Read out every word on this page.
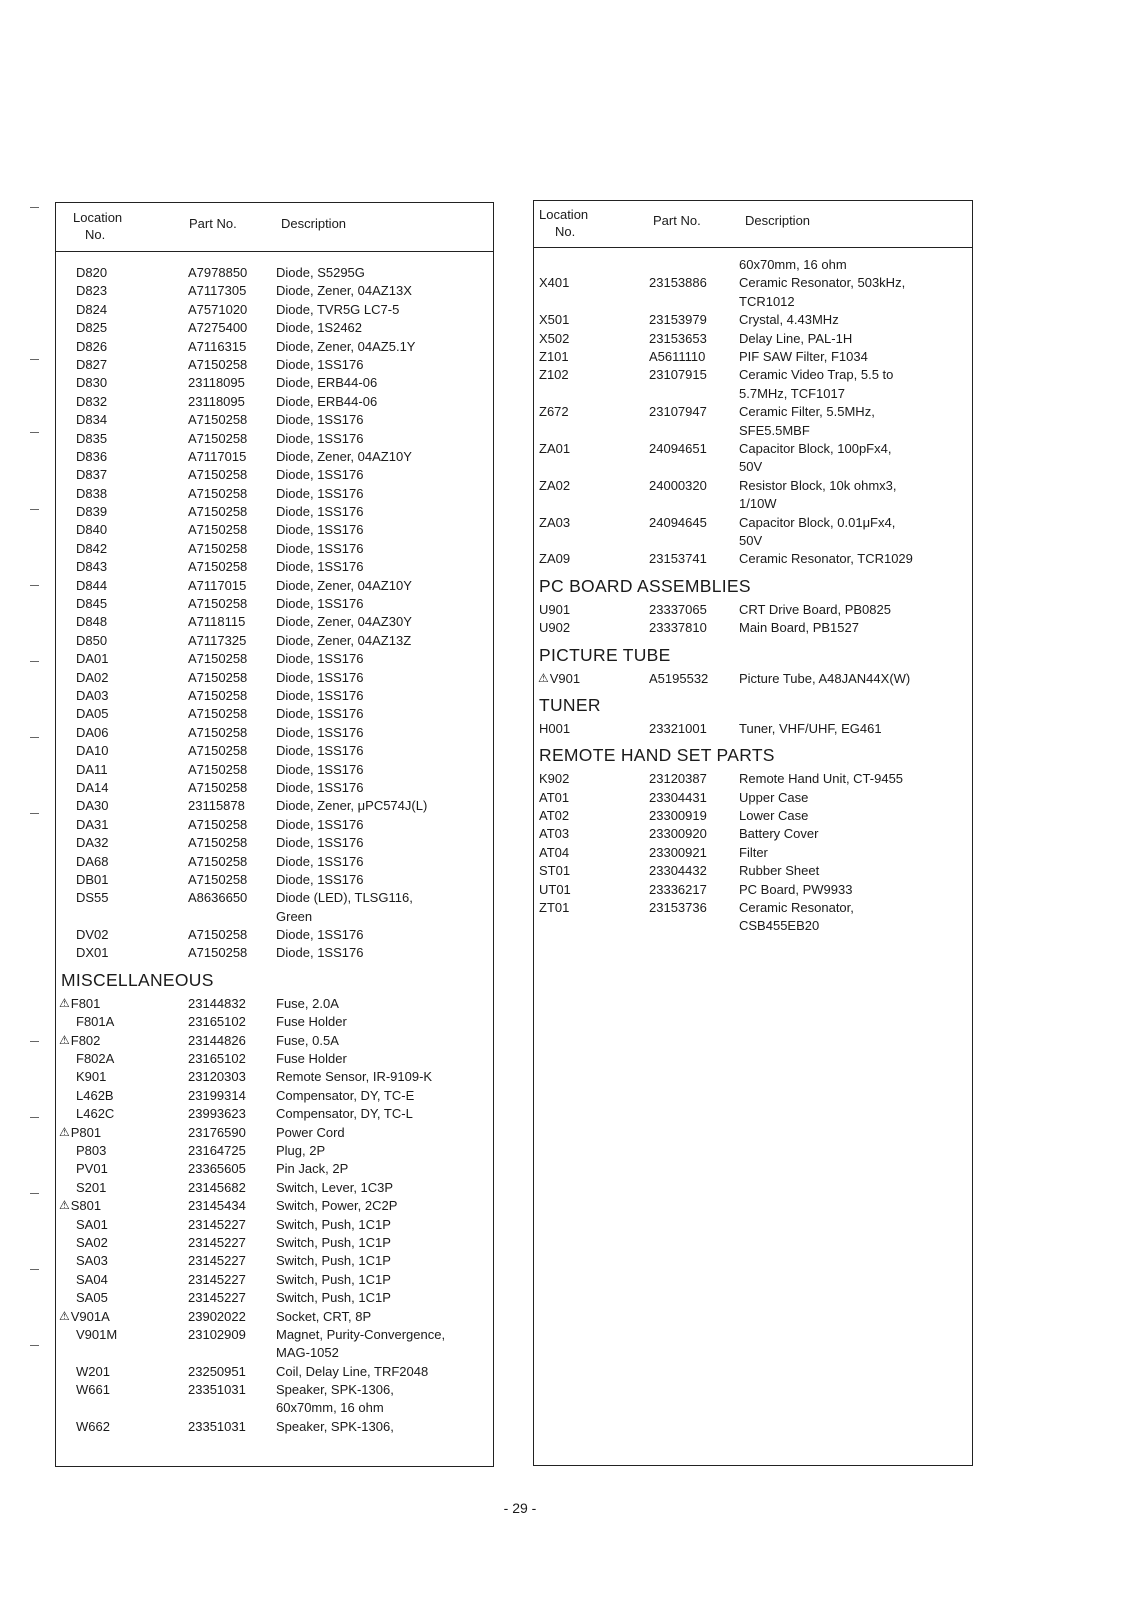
Location
No.
Part No.	Description
D820	A7978850 Diode, S5295G
D823	A7117305 Diode, Zener, 04AZ13X
D824	A7571020 Diode, TVR5G LC7-5
D825	A7275400 Diode, 1S2462
D826	A7116315 Diode, Zener, 04AZ5.1Y
D827	A7150258 Diode, 1SS176
D830	23118095 Diode, ERB44-06
D832	23118095 Diode, ERB44-06
D834	A7150258 Diode, 1SS176
D835	A7150258 Diode, 1SS176
D836	A7117015 Diode, Zener, 04AZ10Y
D837	A7150258 Diode, 1SS176
D838	A7150258 Diode, 1SS176
D839	A7150258 Diode, 1SS176
D840	A7150258 Diode, 1SS176
D842	A7150258 Diode, 1SS176
D843	A7150258 Diode, 1SS176
D844	A7117015 Diode, Zener, 04AZ10Y
D845	A7150258 Diode, 1SS176
D848	A7118115 Diode, Zener, 04AZ30Y
D850	A7117325 Diode, Zener, 04AZ13Z
DA01	A7150258 Diode, 1SS176
DA02	A7150258 Diode, 1SS176
DA03	A7150258 Diode, 1SS176
DA05	A7150258 Diode, 1SS176
DA06	A7150258 Diode, 1SS176
DA10	A7150258 Diode, 1SS176
DA11	A7150258 Diode, 1SS176
DA14	A7150258 Diode, 1SS176
DA30	23115878 Diode, Zener, μPC574J(L)
DA31	A7150258 Diode, 1SS176
DA32	A7150258 Diode, 1SS176
DA68	A7150258 Diode, 1SS176
DB01	A7150258 Diode, 1SS176
DS55	A8636650 Diode (LED), TLSG116,
Green
DV02	A7150258 Diode, 1SS176
DX01	A7150258 Diode, 1SS176
MISCELLANEOUS
⚠F801	23144832 Fuse, 2.0A
F801A	23165102 Fuse Holder
⚠F802	23144826 Fuse, 0.5A
F802A	23165102 Fuse Holder
K901	23120303 Remote Sensor, IR-9109-K
L462B	23199314 Compensator, DY, TC-E
L462C	23993623 Compensator, DY, TC-L
⚠P801	23176590 Power Cord
P803	23164725 Plug, 2P
PV01	23365605 Pin Jack, 2P
S201	23145682 Switch, Lever, 1C3P
⚠S801	23145434 Switch, Power, 2C2P
SA01	23145227 Switch, Push, 1C1P
SA02	23145227 Switch, Push, 1C1P
SA03	23145227 Switch, Push, 1C1P
SA04	23145227 Switch, Push, 1C1P
SA05	23145227 Switch, Push, 1C1P
⚠V901A	23902022 Socket, CRT, 8P
V901M	23102909 Magnet, Purity-Convergence,
MAG-1052
W201	23250951 Coil, Delay Line, TRF2048
W661	23351031 Speaker, SPK-1306,
60x70mm, 16 ohm
W662	23351031 Speaker, SPK-1306,
Location
No.
Part No.	Description
60x70mm, 16 ohm
X401	23153886 Ceramic Resonator, 503kHz,
TCR1012
X501	23153979 Crystal, 4.43MHz
X502	23153653 Delay Line, PAL-1H
Z101	A5611110	PIF SAW Filter, F1034
Z102	23107915 Ceramic Video Trap, 5.5 to
5.7MHz, TCF1017
Z672	23107947 Ceramic Filter, 5.5MHz,
SFE5.5MBF
ZA01	24094651 Capacitor Block, 100pFx4,
50V
ZA02	24000320 Resistor Block, 10k ohmx3,
1/10W
ZA03	24094645 Capacitor Block, 0.01μFx4,
50V
ZA09	23153741 Ceramic Resonator, TCR1029
PC BOARD ASSEMBLIES
U901	23337065 CRT Drive Board, PB0825
U902	23337810 Main Board, PB1527
PICTURE TUBE
⚠V901	A5195532 Picture Tube, A48JAN44X(W)
TUNER
H001	23321001 Tuner, VHF/UHF, EG461
REMOTE HAND SET PARTS
K902	23120387 Remote Hand Unit, CT-9455
AT01	23304431 Upper Case
AT02	23300919 Lower Case
AT03	23300920 Battery Cover
AT04	23300921 Filter
ST01	23304432 Rubber Sheet
UT01	23336217 PC Board, PW9933
ZT01	23153736 Ceramic Resonator,
CSB455EB20
- 29 -
